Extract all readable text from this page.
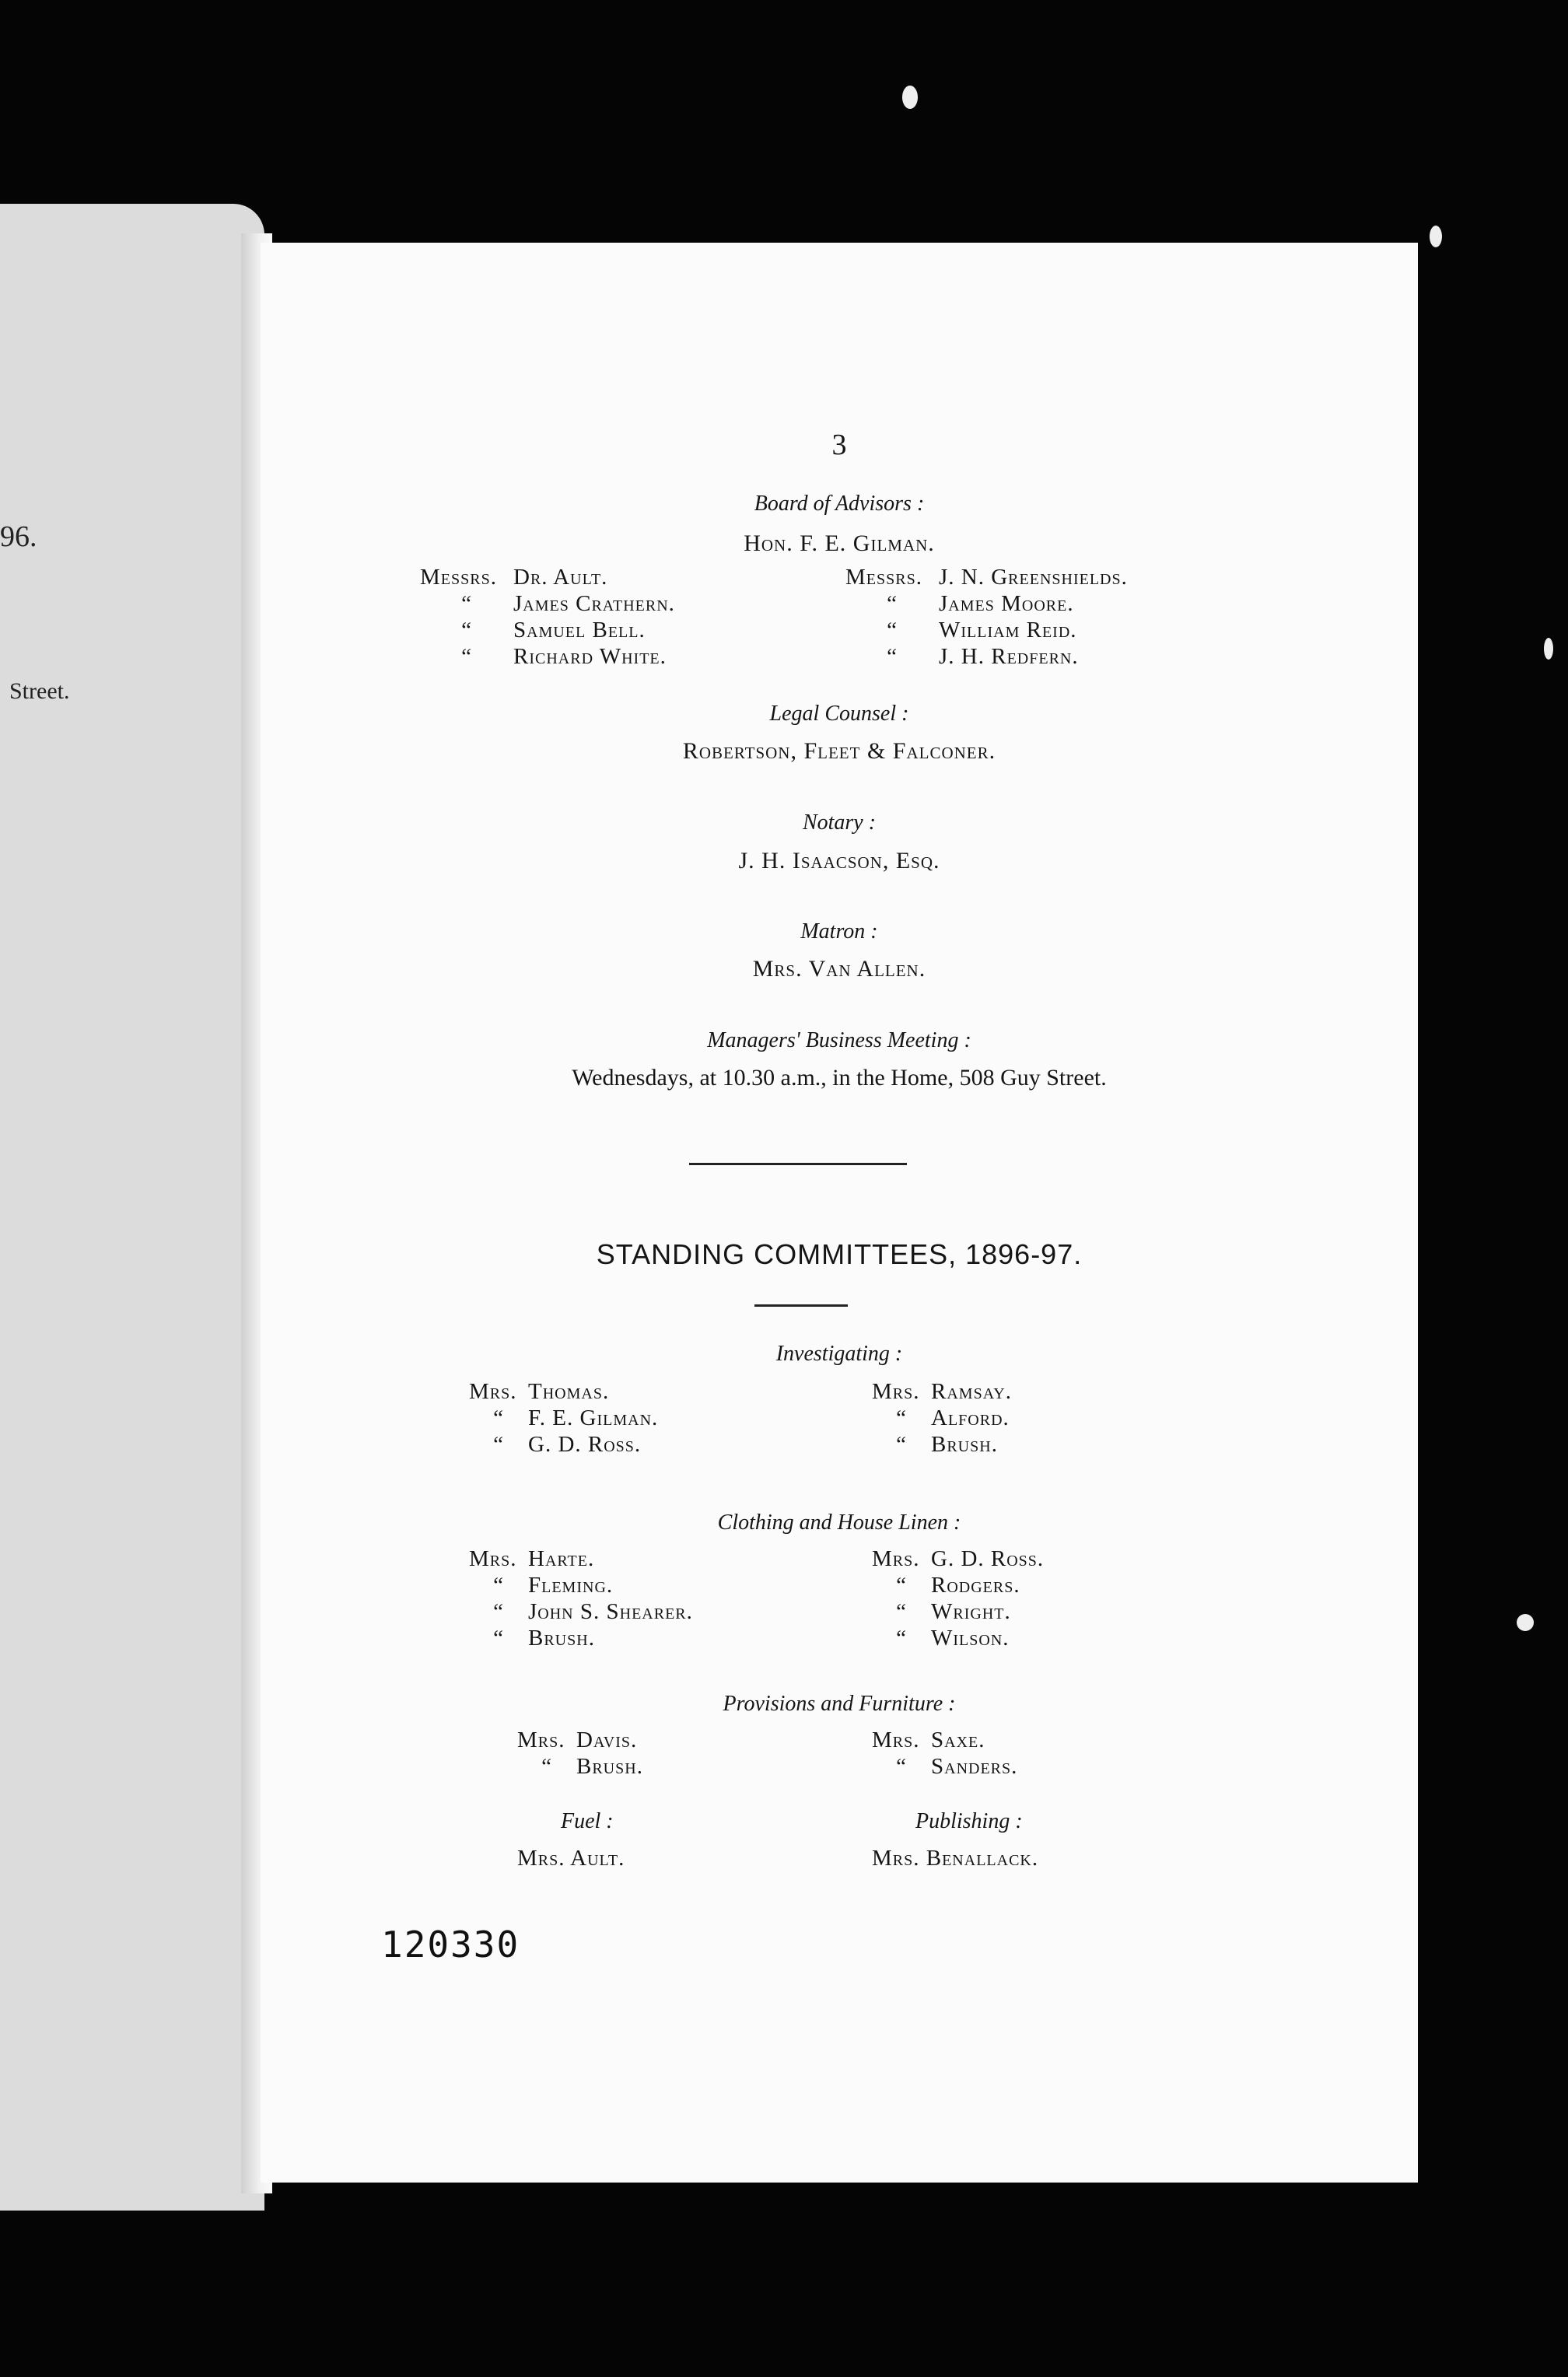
96.
Street.
3
Board of Advisors :
Hon. F. E. Gilman.
Messrs. Dr. Ault.
“ James Crathern.
“ Samuel Bell.
“ Richard White.
Messrs. J. N. Greenshields.
“ James Moore.
“ William Reid.
“ J. H. Redfern.
Legal Counsel :
Robertson, Fleet & Falconer.
Notary :
J. H. Isaacson, Esq.
Matron :
Mrs. Van Allen.
Managers' Business Meeting :
Wednesdays, at 10.30 a.m., in the Home, 508 Guy Street.
STANDING COMMITTEES, 1896-97.
Investigating :
Mrs. Thomas.
“ F. E. Gilman.
“ G. D. Ross.
Mrs. Ramsay.
“ Alford.
“ Brush.
Clothing and House Linen :
Mrs. Harte.
“ Fleming.
“ John S. Shearer.
“ Brush.
Mrs. G. D. Ross.
“ Rodgers.
“ Wright.
“ Wilson.
Provisions and Furniture :
Mrs. Davis.
“ Brush.
Mrs. Saxe.
“ Sanders.
Fuel :
Mrs. Ault.
Publishing :
Mrs. Benallack.
120330
